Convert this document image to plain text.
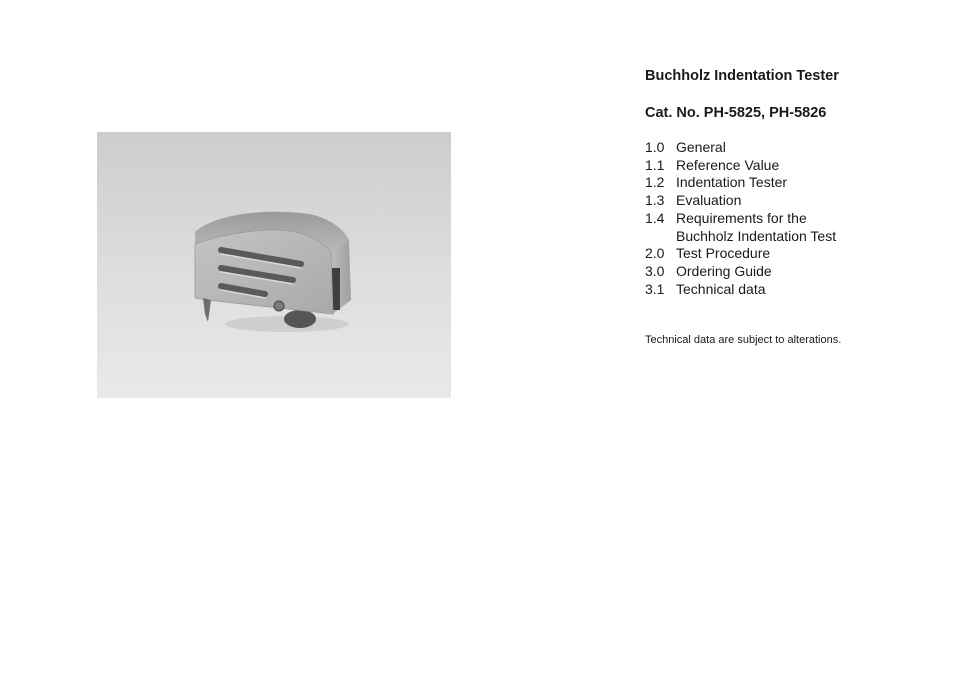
Buchholz Indentation Tester
Cat. No. PH-5825, PH-5826
1.0 General
1.1 Reference Value
1.2 Indentation Tester
1.3 Evaluation
1.4 Requirements for the Buchholz Indentation Test
2.0 Test Procedure
3.0 Ordering Guide
3.1 Technical data

Technical data are subject to alterations.
